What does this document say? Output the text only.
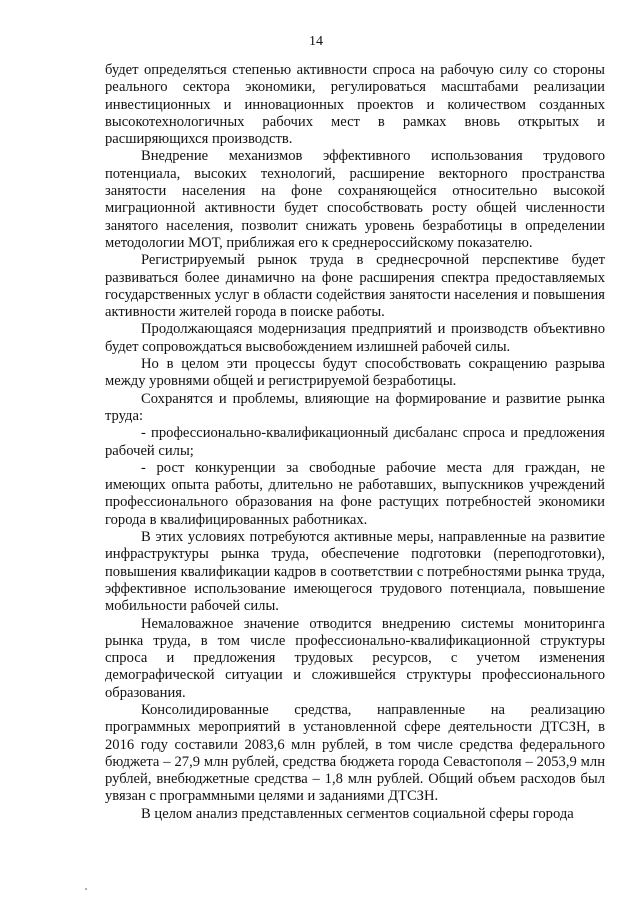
14

будет определяться степенью активности спроса на рабочую силу со стороны реального сектора экономики, регулироваться масштабами реализации инвестиционных и инновационных проектов и количеством созданных высокотехнологичных рабочих мест в рамках вновь открытых и расширяющихся производств.

Внедрение механизмов эффективного использования трудового потенциала, высоких технологий, расширение векторного пространства занятости населения на фоне сохраняющейся относительно высокой миграционной активности будет способствовать ростy общей численности занятого населения, позволит снижать уровень безработицы в определении методологии МОТ, приближая его к среднероссийскому показателю.

Регистрируемый рынок труда в среднесрочной перспективе будет развиваться более динамично на фоне расширения спектра предоставляемых государственных услуг в области содействия занятости населения и повышения активности жителей города в поиске работы.

Продолжающаяся модернизация предприятий и производств объективно будет сопровождаться высвобождением излишней рабочей силы.

Но в целом эти процессы будут способствовать сокращению разрыва между уровнями общей и регистрируемой безработицы.

Сохранятся и проблемы, влияющие на формирование и развитие рынка труда:

- профессионально-квалификационный дисбаланс спроса и предложения рабочей силы;

- рост конкуренции за свободные рабочие места для граждан, не имеющих опыта работы, длительно не работавших, выпускников учреждений профессионального образования на фоне растущих потребностей экономики города в квалифицированных работниках.

В этих условиях потребуются активные меры, направленные на развитие инфраструктуры рынка труда, обеспечение подготовки (переподготовки), повышения квалификации кадров в соответствии с потребностями рынка труда, эффективное использование имеющегося трудового потенциала, повышение мобильности рабочей силы.

Немаловажное значение отводится внедрению системы мониторинга рынка труда, в том числе профессионально-квалификационной структуры спроса и предложения трудовых ресурсов, с учетом изменения демографической ситуации и сложившейся структуры профессионального образования.

Консолидированные средства, направленные на реализацию программных мероприятий в установленной сфере деятельности ДТСЗН, в 2016 году составили 2083,6 млн рублей, в том числе средства федерального бюджета – 27,9 млн рублей, средства бюджета города Севастополя – 2053,9 млн рублей, внебюджетные средства – 1,8 млн рублей. Общий объем расходов был увязан с программными целями и заданиями ДТСЗН.

В целом анализ представленных сегментов социальной сферы города
